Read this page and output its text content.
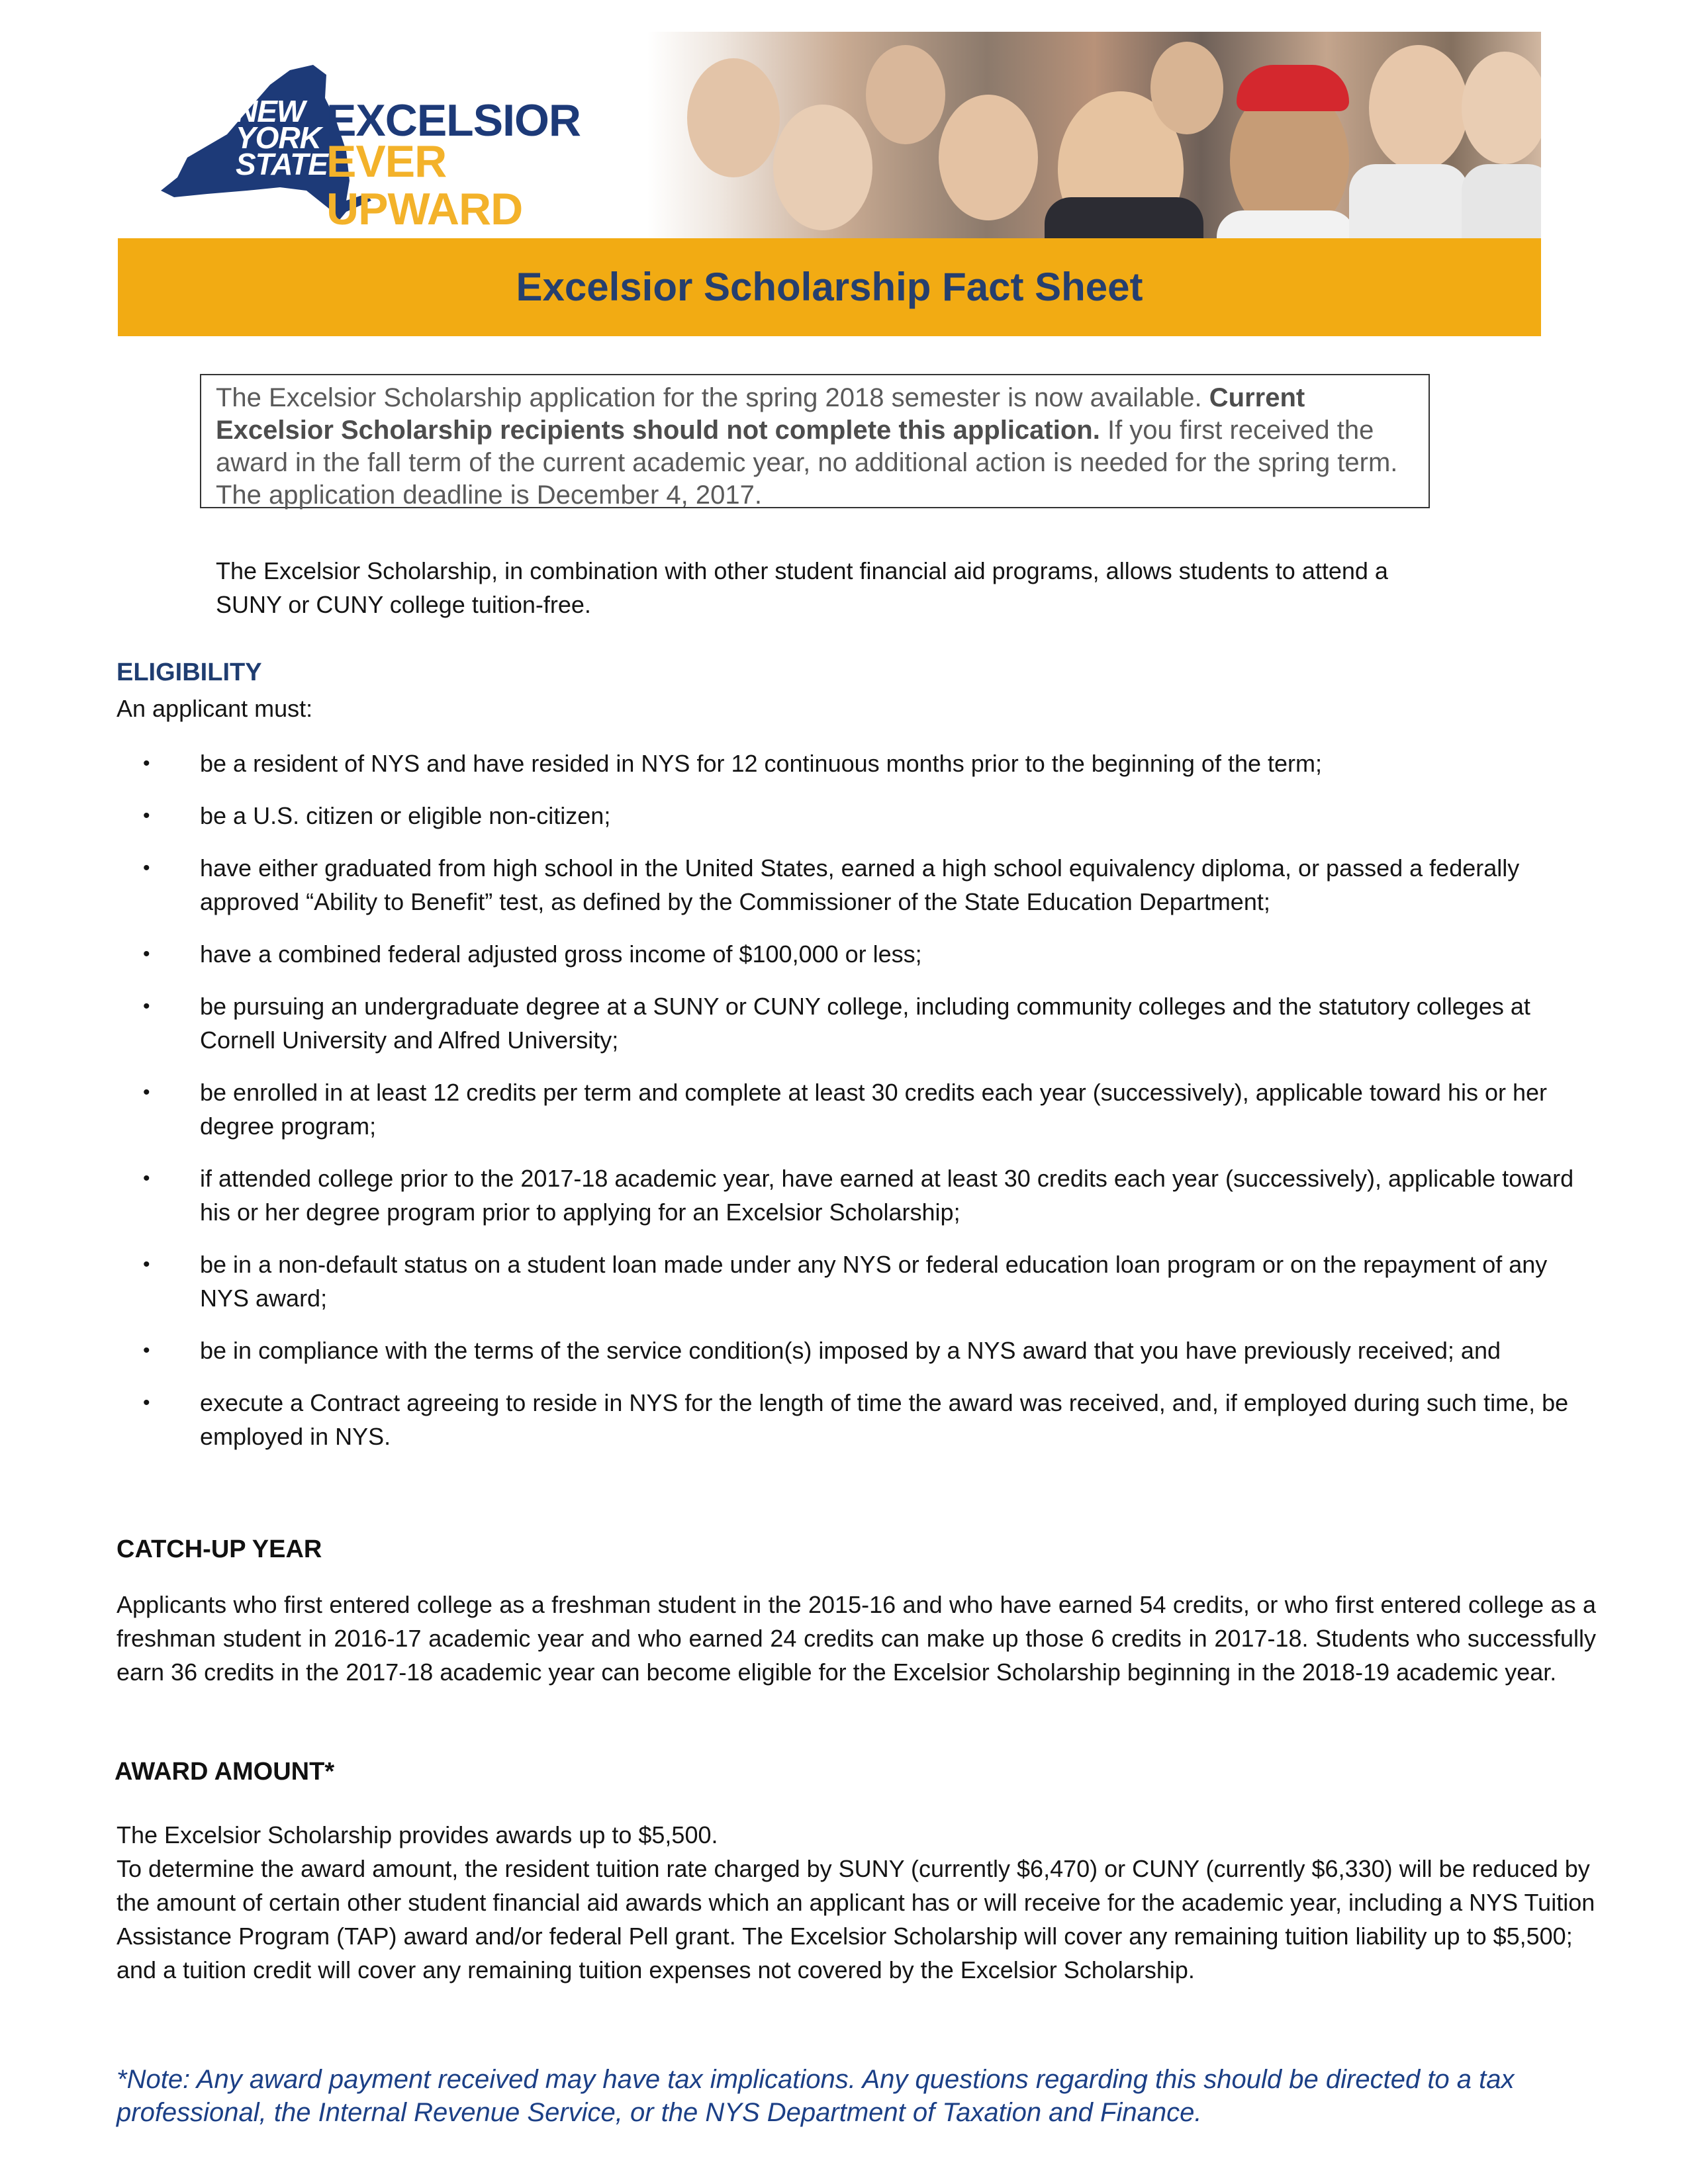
NEW YORK STATE
EXCELSIOR
EVER UPWARD
Excelsior Scholarship Fact Sheet
The Excelsior Scholarship application for the spring 2018 semester is now available. Current Excelsior Scholarship recipients should not complete this application. If you first received the award in the fall term of the current academic year, no additional action is needed for the spring term. The application deadline is December 4, 2017.
The Excelsior Scholarship, in combination with other student financial aid programs, allows students to attend a SUNY or CUNY college tuition-free.
ELIGIBILITY
An applicant must:
• be a resident of NYS and have resided in NYS for 12 continuous months prior to the beginning of the term;
• be a U.S. citizen or eligible non-citizen;
• have either graduated from high school in the United States, earned a high school equivalency diploma, or passed a federally approved “Ability to Benefit” test, as defined by the Commissioner of the State Education Department;
• have a combined federal adjusted gross income of $100,000 or less;
• be pursuing an undergraduate degree at a SUNY or CUNY college, including community colleges and the statutory colleges at Cornell University and Alfred University;
• be enrolled in at least 12 credits per term and complete at least 30 credits each year (successively), applicable toward his or her degree program;
• if attended college prior to the 2017-18 academic year, have earned at least 30 credits each year (successively), applicable toward his or her degree program prior to applying for an Excelsior Scholarship;
• be in a non-default status on a student loan made under any NYS or federal education loan program or on the repayment of any NYS award;
• be in compliance with the terms of the service condition(s) imposed by a NYS award that you have previously received; and
• execute a Contract agreeing to reside in NYS for the length of time the award was received, and, if employed during such time, be employed in NYS.
CATCH-UP YEAR
Applicants who first entered college as a freshman student in the 2015-16 and who have earned 54 credits, or who first entered college as a freshman student in 2016-17 academic year and who earned 24 credits can make up those 6 credits in 2017-18. Students who successfully earn 36 credits in the 2017-18 academic year can become eligible for the Excelsior Scholarship beginning in the 2018-19 academic year.
AWARD AMOUNT*
The Excelsior Scholarship provides awards up to $5,500.
To determine the award amount, the resident tuition rate charged by SUNY (currently $6,470) or CUNY (currently $6,330) will be reduced by the amount of certain other student financial aid awards which an applicant has or will receive for the academic year, including a NYS Tuition Assistance Program (TAP) award and/or federal Pell grant. The Excelsior Scholarship will cover any remaining tuition liability up to $5,500; and a tuition credit will cover any remaining tuition expenses not covered by the Excelsior Scholarship.
*Note: Any award payment received may have tax implications. Any questions regarding this should be directed to a tax professional, the Internal Revenue Service, or the NYS Department of Taxation and Finance.
